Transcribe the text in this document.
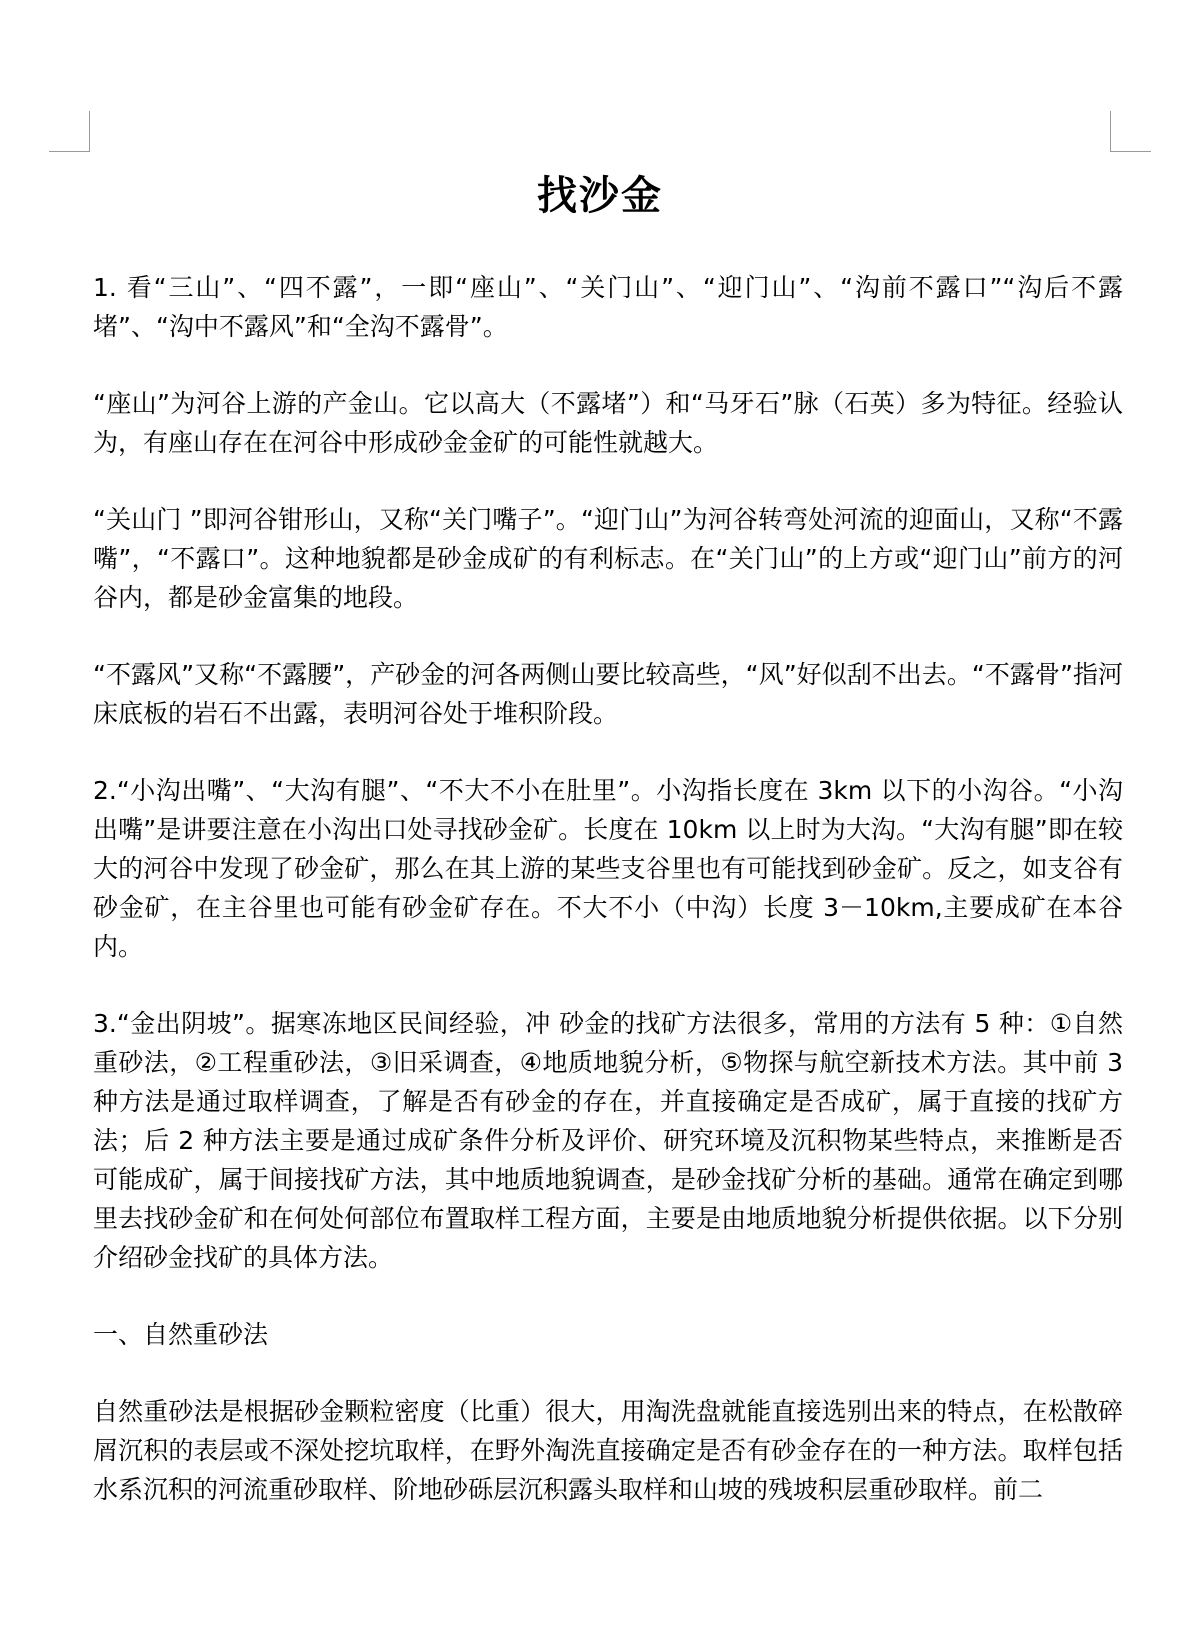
找沙金

1. 看“三山”、“四不露”，一即“座山”、“关门山”、“迎门山”、“沟前不露口”“沟后不露堵”、“沟中不露风”和“全沟不露骨”。

“座山”为河谷上游的产金山。它以高大（不露堵”）和“马牙石”脉（石英）多为特征。经验认为，有座山存在在河谷中形成砂金金矿的可能性就越大。

“关山门 ”即河谷钳形山，又称“关门嘴子”。“迎门山”为河谷转弯处河流的迎面山，又称“不露嘴”，“不露口”。这种地貌都是砂金成矿的有利标志。在“关门山”的上方或“迎门山”前方的河谷内，都是砂金富集的地段。

“不露风”又称“不露腰”，产砂金的河各两侧山要比较高些，“风”好似刮不出去。“不露骨”指河床底板的岩石不出露，表明河谷处于堆积阶段。

2.“小沟出嘴”、“大沟有腿”、“不大不小在肚里”。小沟指长度在 3km 以下的小沟谷。“小沟出嘴”是讲要注意在小沟出口处寻找砂金矿。长度在 10km 以上时为大沟。“大沟有腿”即在较大的河谷中发现了砂金矿，那么在其上游的某些支谷里也有可能找到砂金矿。反之，如支谷有砂金矿，在主谷里也可能有砂金矿存在。不大不小（中沟）长度 3－10km,主要成矿在本谷内。

3.“金出阴坡”。据寒冻地区民间经验，冲 砂金的找矿方法很多，常用的方法有 5 种：①自然重砂法，②工程重砂法，③旧采调查，④地质地貌分析，⑤物探与航空新技术方法。其中前 3 种方法是通过取样调查，了解是否有砂金的存在，并直接确定是否成矿，属于直接的找矿方法；后 2 种方法主要是通过成矿条件分析及评价、研究环境及沉积物某些特点，来推断是否可能成矿，属于间接找矿方法，其中地质地貌调查，是砂金找矿分析的基础。通常在确定到哪里去找砂金矿和在何处何部位布置取样工程方面，主要是由地质地貌分析提供依据。以下分别介绍砂金找矿的具体方法。

一、自然重砂法

自然重砂法是根据砂金颗粒密度（比重）很大，用淘洗盘就能直接选别出来的特点，在松散碎屑沉积的表层或不深处挖坑取样，在野外淘洗直接确定是否有砂金存在的一种方法。取样包括水系沉积的河流重砂取样、阶地砂砾层沉积露头取样和山坡的残坡积层重砂取样。前二
